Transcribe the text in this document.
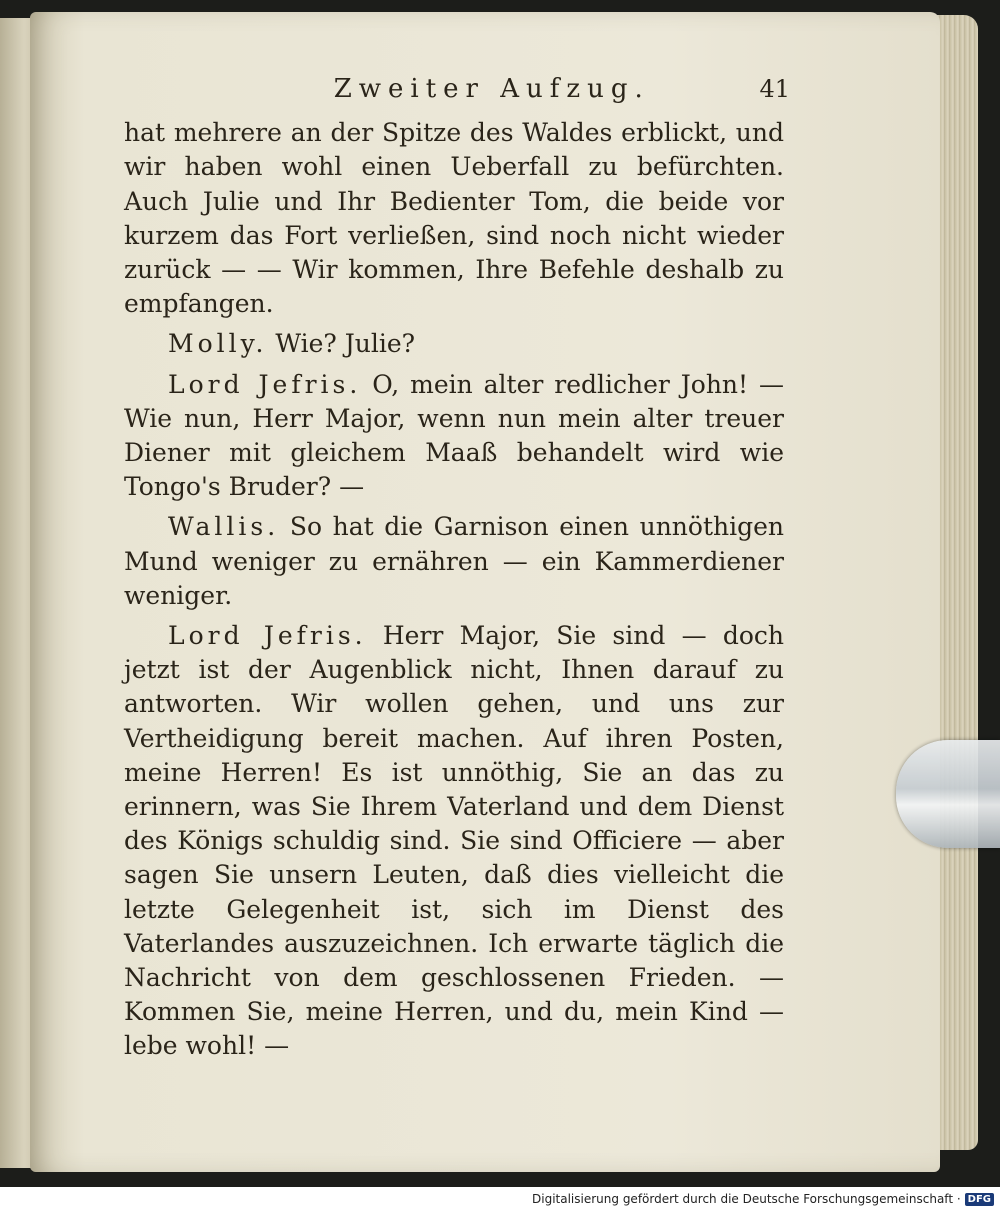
Zweiter Aufzug.	41

hat mehrere an der Spitze des Waldes erblickt, und wir haben wohl einen Ueberfall zu befürchten. Auch Julie und Ihr Bedienter Tom, die beide vor kurzem das Fort verließen, sind noch nicht wieder zurück — — Wir kommen, Ihre Befehle deshalb zu empfangen.

Molly. Wie? Julie?

Lord Jefris. O, mein alter redlicher John! — Wie nun, Herr Major, wenn nun mein alter treuer Diener mit gleichem Maaß behandelt wird wie Tongo's Bruder? —

Wallis. So hat die Garnison einen unnöthigen Mund weniger zu ernähren — ein Kammerdiener weniger.

Lord Jefris. Herr Major, Sie sind — doch jetzt ist der Augenblick nicht, Ihnen darauf zu antworten. Wir wollen gehen, und uns zur Vertheidigung bereit machen. Auf ihren Posten, meine Herren! Es ist unnöthig, Sie an das zu erinnern, was Sie Ihrem Vaterland und dem Dienst des Königs schuldig sind. Sie sind Officiere — aber sagen Sie unsern Leuten, daß dies vielleicht die letzte Gelegenheit ist, sich im Dienst des Vaterlandes auszuzeichnen. Ich erwarte täglich die Nachricht von dem geschlossenen Frieden. — Kommen Sie, meine Herren, und du, mein Kind — lebe wohl! —

Digitalisierung gefördert durch die Deutsche Forschungsgemeinschaft · DFG
